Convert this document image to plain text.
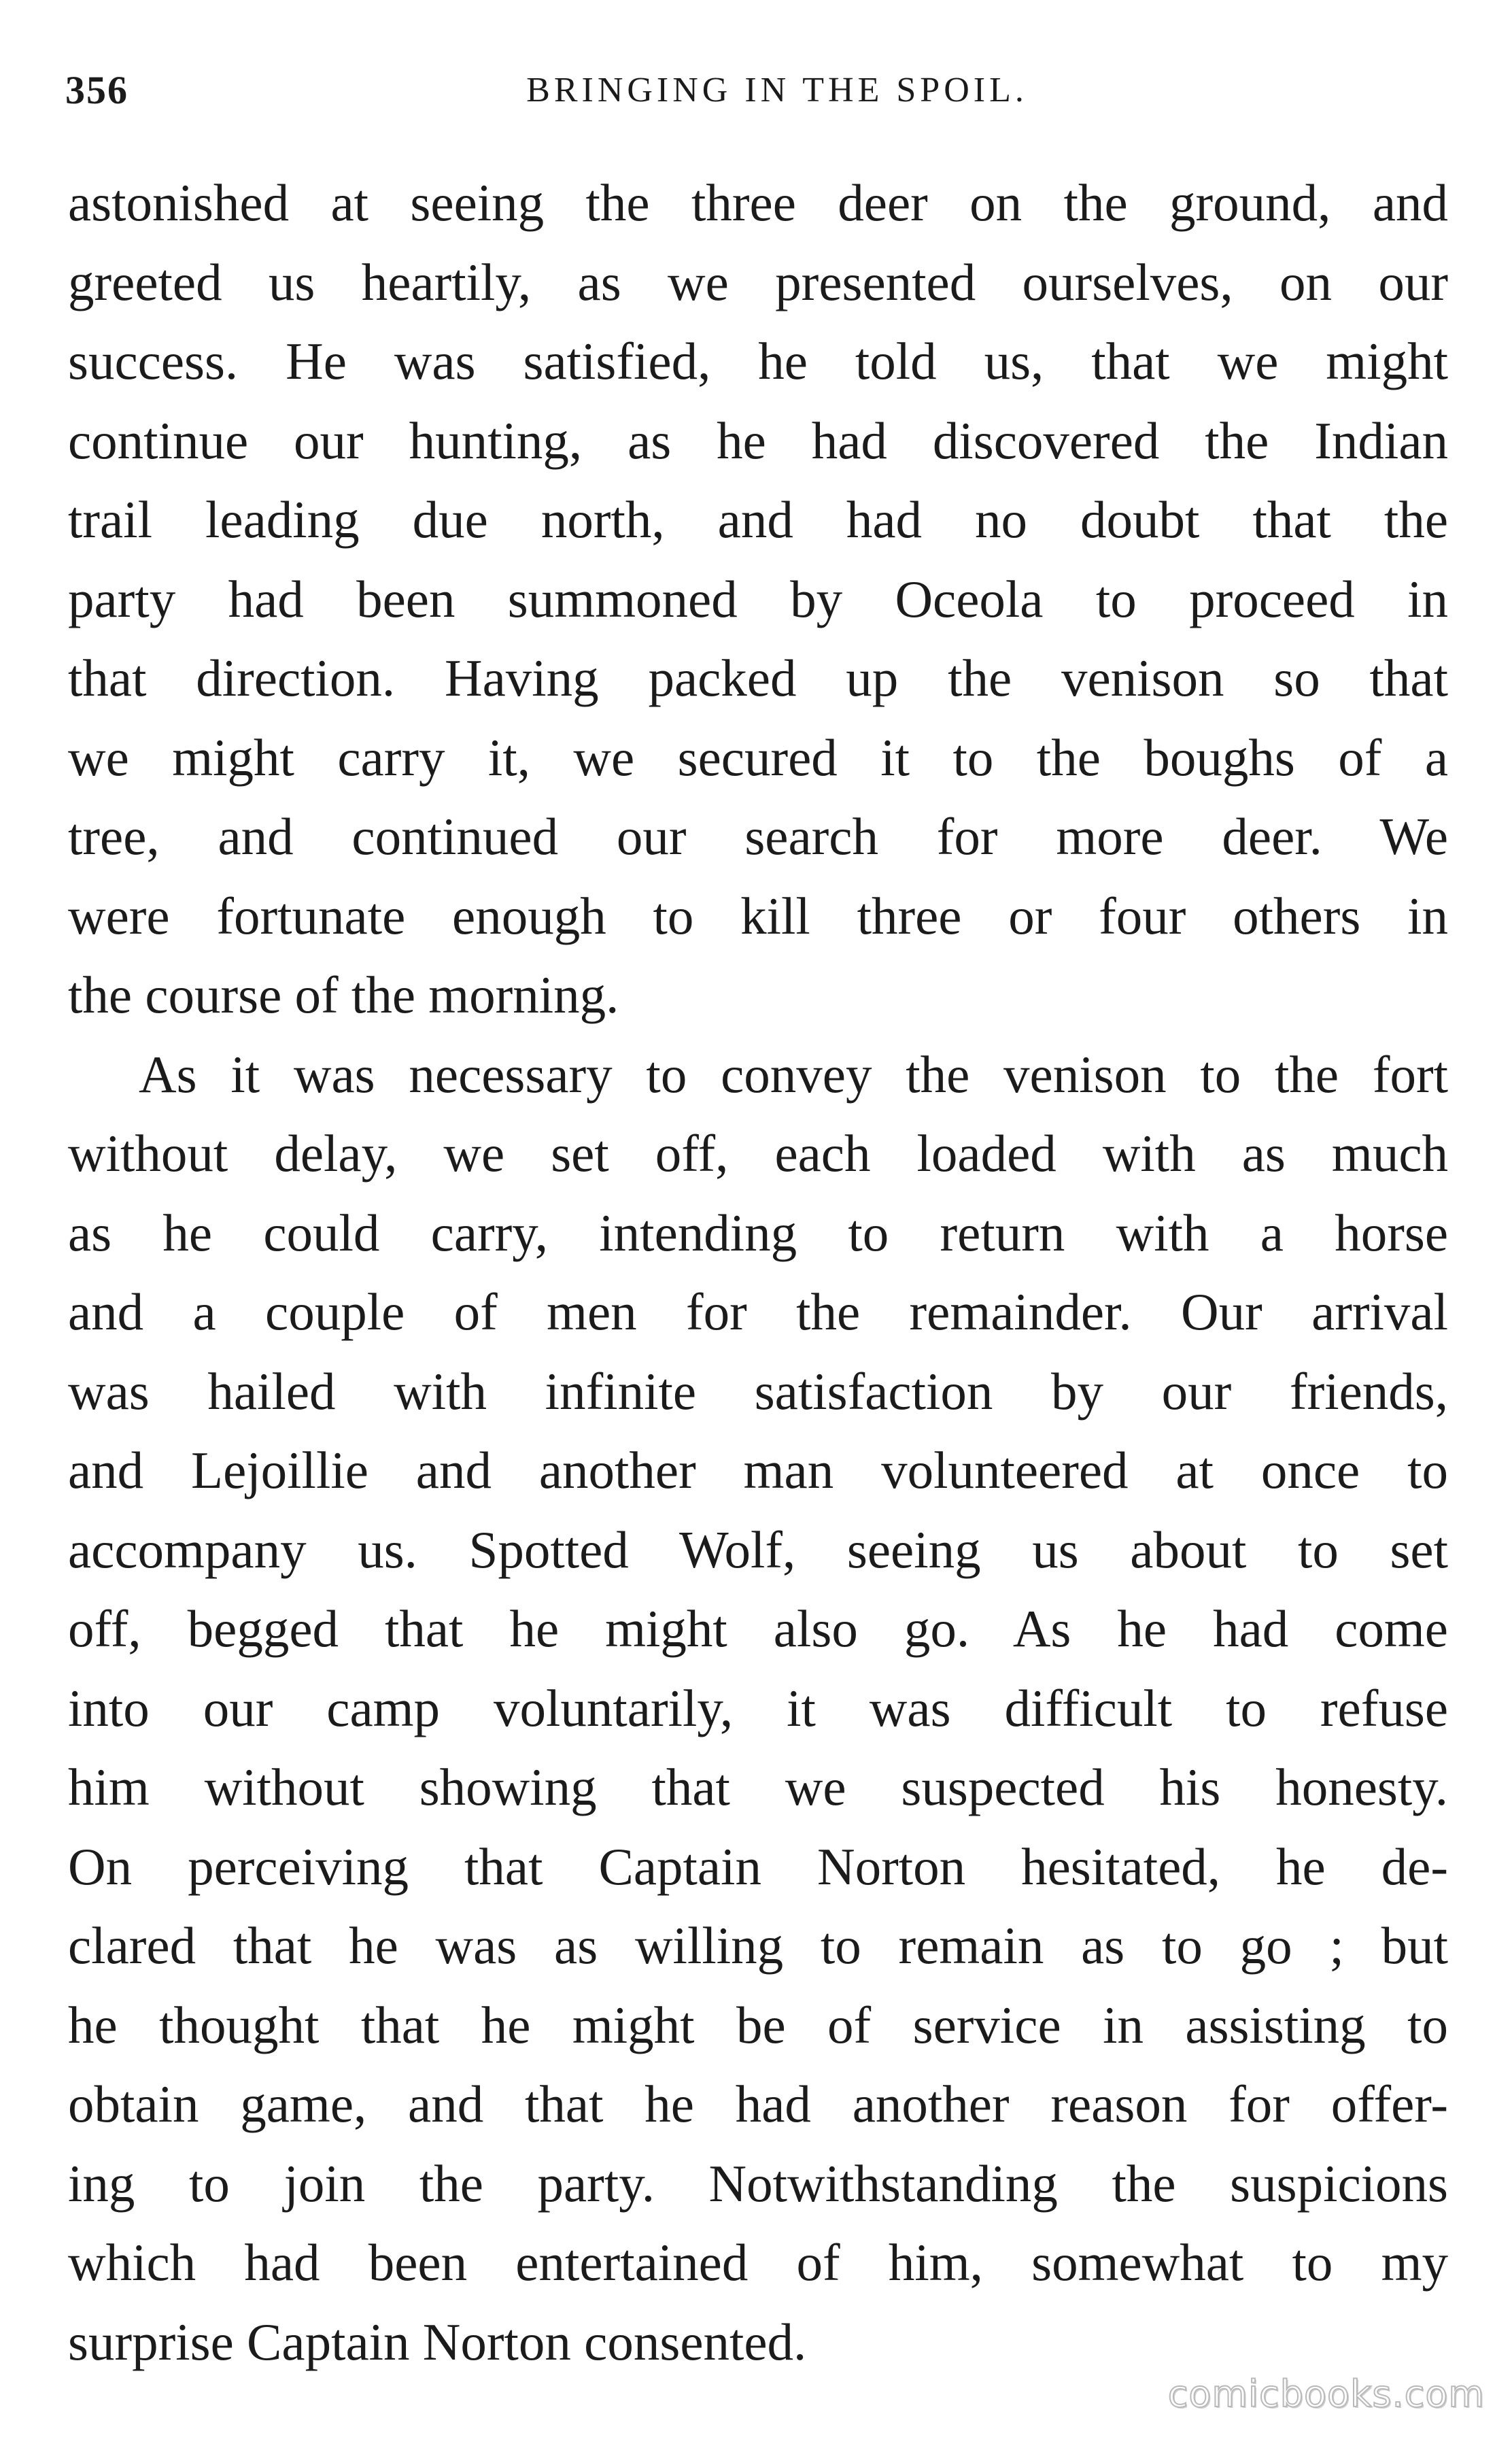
356	BRINGING IN THE SPOIL.
astonished at seeing the three deer on the ground, and
greeted us heartily, as we presented ourselves, on our
success. He was satisfied, he told us, that we might
continue our hunting, as he had discovered the Indian
trail leading due north, and had no doubt that the
party had been summoned by Oceola to proceed in
that direction. Having packed up the venison so that
we might carry it, we secured it to the boughs of a
tree, and continued our search for more deer. We
were fortunate enough to kill three or four others in
the course of the morning.
As it was necessary to convey the venison to the fort
without delay, we set off, each loaded with as much
as he could carry, intending to return with a horse
and a couple of men for the remainder. Our arrival
was hailed with infinite satisfaction by our friends,
and Lejoillie and another man volunteered at once to
accompany us. Spotted Wolf, seeing us about to set
off, begged that he might also go. As he had come
into our camp voluntarily, it was difficult to refuse
him without showing that we suspected his honesty.
On perceiving that Captain Norton hesitated, he de-
clared that he was as willing to remain as to go ; but
he thought that he might be of service in assisting to
obtain game, and that he had another reason for offer-
ing to join the party. Notwithstanding the suspicions
which had been entertained of him, somewhat to my
surprise Captain Norton consented.
comicbooks.com
